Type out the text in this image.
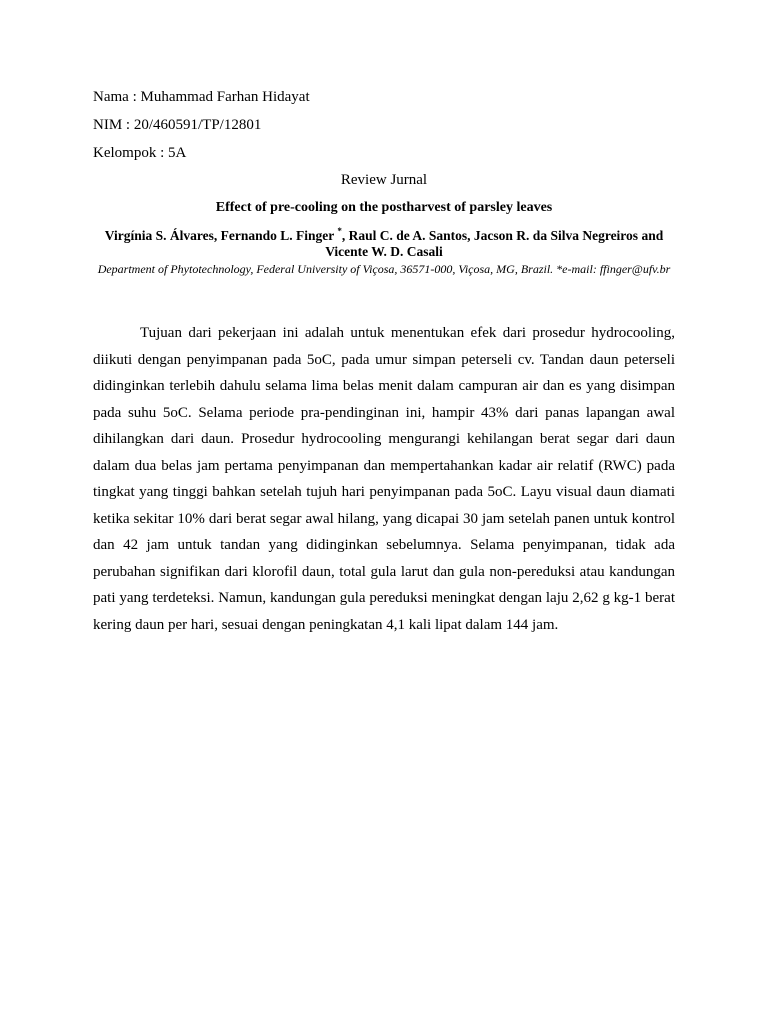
Nama : Muhammad Farhan Hidayat
NIM : 20/460591/TP/12801
Kelompok : 5A
Review Jurnal
Effect of pre-cooling on the postharvest of parsley leaves
Virgínia S. Álvares, Fernando L. Finger *, Raul C. de A. Santos, Jacson R. da Silva Negreiros and Vicente W. D. Casali
Department of Phytotechnology, Federal University of Viçosa, 36571-000, Viçosa, MG, Brazil. *e-mail: ffinger@ufv.br

Tujuan dari pekerjaan ini adalah untuk menentukan efek dari prosedur hydrocooling, diikuti dengan penyimpanan pada 5oC, pada umur simpan peterseli cv. Tandan daun peterseli didinginkan terlebih dahulu selama lima belas menit dalam campuran air dan es yang disimpan pada suhu 5oC. Selama periode pra-pendinginan ini, hampir 43% dari panas lapangan awal dihilangkan dari daun. Prosedur hydrocooling mengurangi kehilangan berat segar dari daun dalam dua belas jam pertama penyimpanan dan mempertahankan kadar air relatif (RWC) pada tingkat yang tinggi bahkan setelah tujuh hari penyimpanan pada 5oC. Layu visual daun diamati ketika sekitar 10% dari berat segar awal hilang, yang dicapai 30 jam setelah panen untuk kontrol dan 42 jam untuk tandan yang didinginkan sebelumnya. Selama penyimpanan, tidak ada perubahan signifikan dari klorofil daun, total gula larut dan gula non-pereduksi atau kandungan pati yang terdeteksi. Namun, kandungan gula pereduksi meningkat dengan laju 2,62 g kg-1 berat kering daun per hari, sesuai dengan peningkatan 4,1 kali lipat dalam 144 jam.
